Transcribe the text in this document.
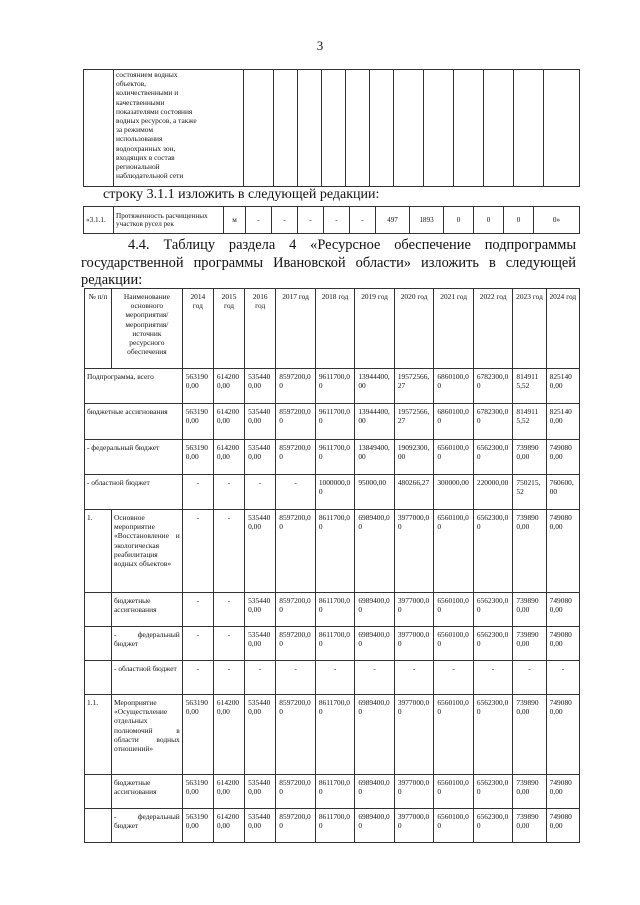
3

состоянием водных
объектов,
количественными и
качественными
показателями состояния
водных ресурсов, а также
за режимом
использования
водоохранных зон,
входящих в состав
региональной
наблюдательной сети

строку 3.1.1 изложить в следующей редакции:
«3.1.1.	Протяженность расчищенных участков русел рек	м	-	-	-	-	-	497	1893	0	0	0	0»
4.4. Таблицу раздела 4 «Ресурсное обеспечение подпрограммы
государственной программы Ивановской области» изложить в следующей
редакции:
№ п/п	Наименование основного мероприятия/ мероприятия/ источник ресурсного обеспечения	2014 год	2015 год	2016 год	2017 год	2018 год	2019 год	2020 год	2021 год	2022 год	2023 год	2024 год
Подпрограмма, всего		5631900,00	6142000,00	5354400,00	8597200,00	9611700,00	13944400,00	19572566,27	6860100,00	6782300,00	8149115,52	8251400,00
бюджетные ассигнования		5631900,00	6142000,00	5354400,00	8597200,00	9611700,00	13944400,00	19572566,27	6860100,00	6782300,00	8149115,52	8251400,00
- федеральный бюджет		5631900,00	6142000,00	5354400,00	8597200,00	9611700,00	13849400,00	19092300,00	6560100,00	6562300,00	7398900,00	7490800,00
- областной бюджет		-	-	-	-	1000000,00	95000,00	480266,27	300000,00	220000,00	750215,52	760600,00
1.	Основное мероприятие «Восстановление и экологическая реабилитация водных объектов»	-	-	5354400,00	8597200,00	8611700,00	6989400,00	3977000,00	6560100,00	6562300,00	7398900,00	7490800,00
	бюджетные ассигнования	-	-	5354400,00	8597200,00	8611700,00	6989400,00	3977000,00	6560100,00	6562300,00	7398900,00	7490800,00
	- федеральный бюджет	-	-	5354400,00	8597200,00	8611700,00	6989400,00	3977000,00	6560100,00	6562300,00	7398900,00	7490800,00
	- областной бюджет	-	-	-	-	-	-	-	-	-	-	-
1.1.	Мероприятие «Осуществление отдельных полномочий в области водных отношений»	5631900,00	6142000,00	5354400,00	8597200,00	8611700,00	6989400,00	3977000,00	6560100,00	6562300,00	7398900,00	7490800,00
	бюджетные ассигнования	5631900,00	6142000,00	5354400,00	8597200,00	8611700,00	6989400,00	3977000,00	6560100,00	6562300,00	7398900,00	7490800,00
	- федеральный бюджет	5631900,00	6142000,00	5354400,00	8597200,00	8611700,00	6989400,00	3977000,00	6560100,00	6562300,00	7398900,00	7490800,00
